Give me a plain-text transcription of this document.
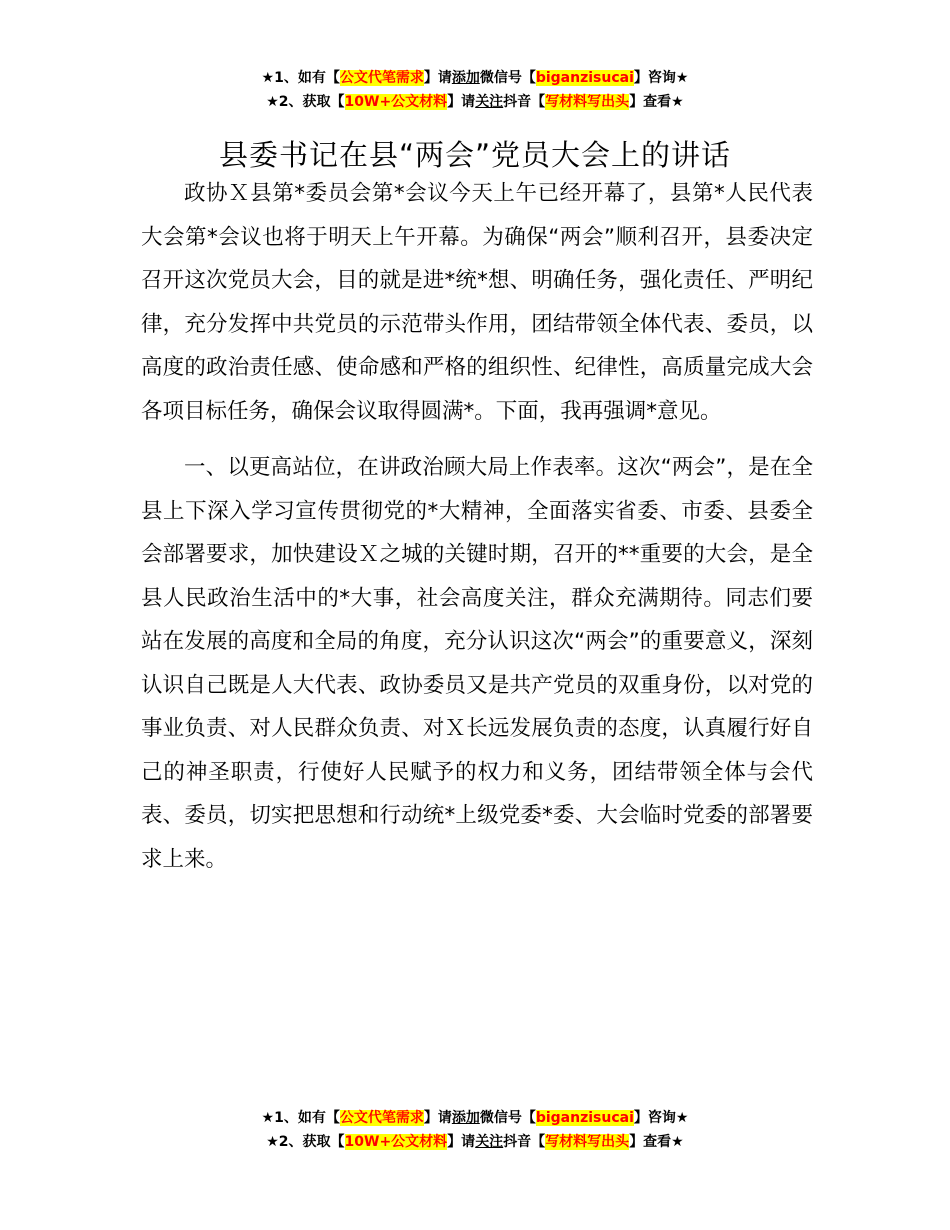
★1、如有【公文代笔需求】请添加微信号【biganzisucai】咨询★
★2、获取【10W+公文材料】请关注抖音【写材料写出头】查看★
县委书记在县“两会”党员大会上的讲话

政协Ｘ县第*委员会第*会议今天上午已经开幕了，县第*人民代表大会第*会议也将于明天上午开幕。为确保“两会”顺利召开，县委决定召开这次党员大会，目的就是进*统*想、明确任务，强化责任、严明纪律，充分发挥中共党员的示范带头作用，团结带领全体代表、委员，以高度的政治责任感、使命感和严格的组织性、纪律性，高质量完成大会各项目标任务，确保会议取得圆满*。下面，我再强调*意见。

一、以更高站位，在讲政治顾大局上作表率。这次“两会”，是在全县上下深入学习宣传贯彻党的*大精神，全面落实省委、市委、县委全会部署要求，加快建设Ｘ之城的关键时期，召开的**重要的大会，是全县人民政治生活中的*大事，社会高度关注，群众充满期待。同志们要站在发展的高度和全局的角度，充分认识这次“两会”的重要意义，深刻认识自己既是人大代表、政协委员又是共产党员的双重身份，以对党的事业负责、对人民群众负责、对Ｘ长远发展负责的态度，认真履行好自己的神圣职责，行使好人民赋予的权力和义务，团结带领全体与会代表、委员，切实把思想和行动统*上级党委*委、大会临时党委的部署要求上来。

★1、如有【公文代笔需求】请添加微信号【biganzisucai】咨询★
★2、获取【10W+公文材料】请关注抖音【写材料写出头】查看★
